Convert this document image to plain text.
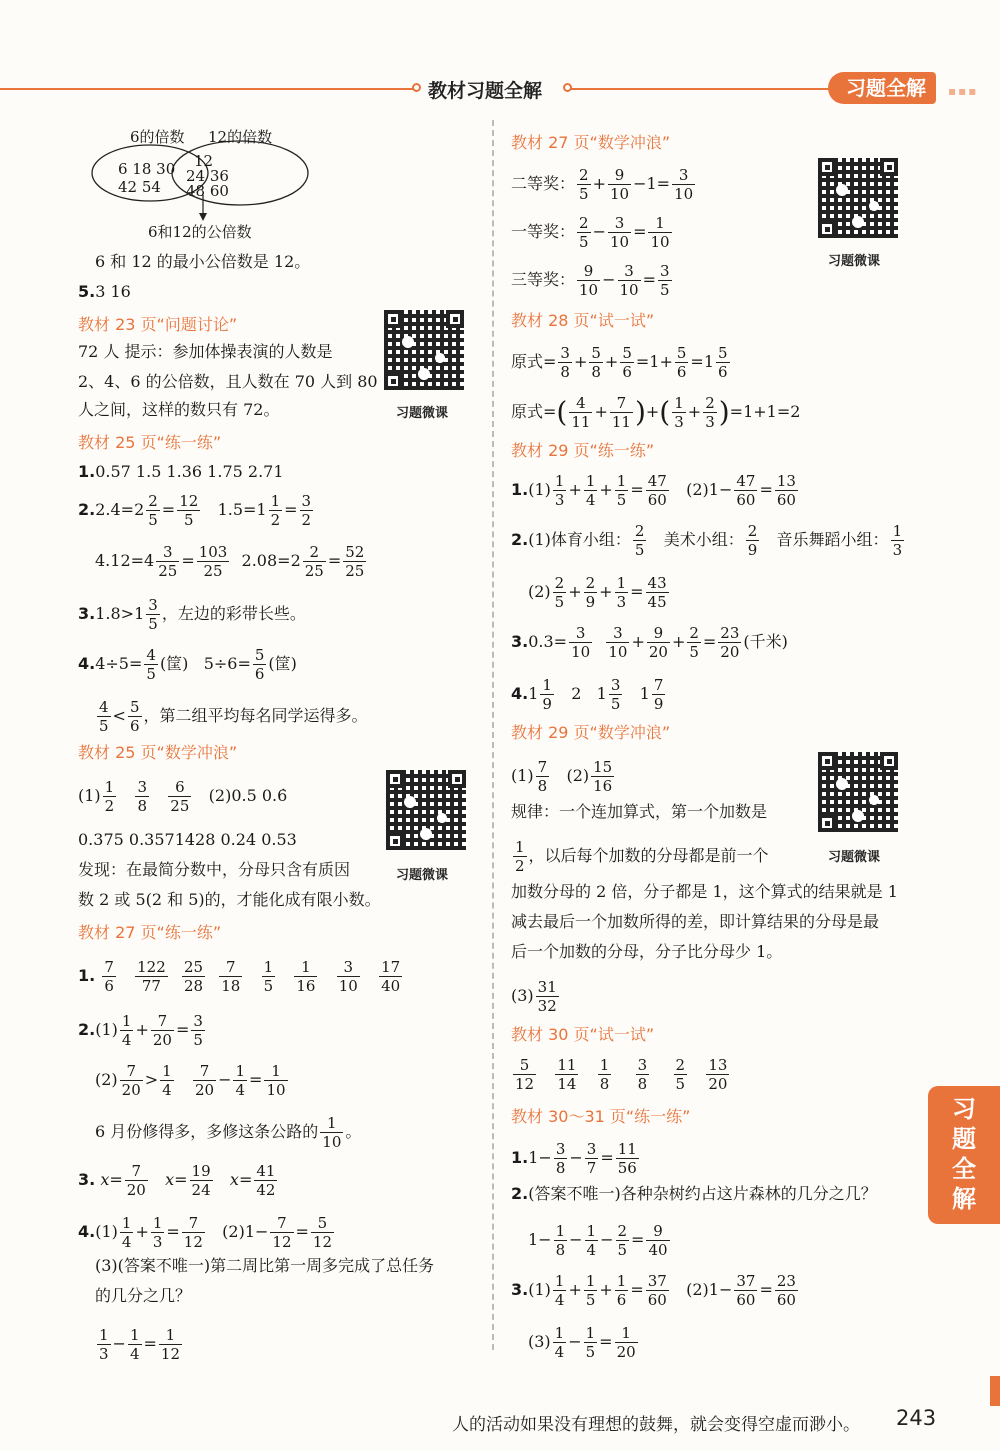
教材习题全解	习题全解	▪▪▪
6的倍数 12的倍数
6 18 30
42 54
12
24 36
48 60
6和12的公倍数
6 和 12 的最小公倍数是 12。
5.3 16
教材 23 页“问题讨论”
72 人 提示：参加体操表演的人数是
2、4、6 的公倍数，且人数在 70 人到 80
人之间，这样的数只有 72。	习题微课
教材 25 页“练一练”
1.0.57 1.5 1.36 1.75 2.71
$2.2.4=2 \frac{2}{5} = \frac{12}{5} 1.5=1 \frac{1}{2} = \frac{3}{2}$
$4.12=4 \frac{3}{25} = \frac{103}{25} 2.08=2 \frac{2}{25} = \frac{52}{25}$
$3.1.8>1 \frac{3}{5}$ ，左边的彩带长些。
$4.4\div 5= \frac{4}{5}$ (筐) $5\div 6= \frac{5}{6}$ (筐)
$\frac{4}{5} < \frac{5}{6}$ ，第二组平均每名同学运得多。
教材 25 页“数学冲浪”
$(1) \frac{1}{2}$
$\frac{3}{8}$
$\frac{6}{25} (2)0.5$ 0.6̇
习题微课
0.375 0.3571428 0.24 0.53
发现：在最简分数中，分母只含有质因
数 2 或 5(2 和 5)的，才能化成有限小数。
教材 27 页“练一练”
1. $\frac{7}{6}$
$\frac{122}{77}$
$\frac{25}{28}$
$\frac{7}{18}$
$\frac{1}{5}$
$\frac{1}{16}$
$\frac{3}{10}$
$\frac{17}{40}$
$2.(1) \frac{1}{4} + \frac{7}{20} = \frac{3}{5}$
$(2) \frac{7}{20} > \frac{1}{4}$
$\frac{7}{20} - \frac{1}{4} = \frac{1}{10}$
6 月份修得多，多修这条公路的 $\frac{1}{10}$ 。
3. $x= \frac{7}{20} x= \frac{19}{24} x= \frac{41}{42}$
$4.(1) \frac{1}{4} + \frac{1}{3} = \frac{7}{12} (2)1- \frac{7}{12} = \frac{5}{12}$
(3)(答案不唯一)第二周比第一周多完成了总任务
的几分之几？
$\frac{1}{3} - \frac{1}{4} = \frac{1}{12}$
教材 27 页“数学冲浪”
二等奖： $\frac{2}{5} + \frac{9}{10} -1= \frac{3}{10}$
一等奖： $\frac{2}{5} - \frac{3}{10} = \frac{1}{10}$
三等奖： $\frac{9}{10} - \frac{3}{10} = \frac{3}{5}$
习题微课
教材 28 页“试一试”
原式= $\frac{3}{8} + \frac{5}{8} + \frac{5}{6} =1+ \frac{5}{6} =1 \frac{5}{6}$
原式=( $\frac{4}{11} + \frac{7}{11}$ )+( $\frac{1}{3} + \frac{2}{3} )=1+1=2$
教材 29 页“练一练”
$1.(1) \frac{1}{3} + \frac{1}{4} + \frac{1}{5} = \frac{47}{60} (2)1- \frac{47}{60} = \frac{13}{60}$
2.(1)体育小组： $\frac{2}{5}$ 美术小组： $\frac{2}{9}$ 音乐舞蹈小组： $\frac{1}{3}$
$(2) \frac{2}{5} + \frac{2}{9} + \frac{1}{3} = \frac{43}{45}$
$3.0.3= \frac{3}{10}$
$\frac{3}{10} + \frac{9}{20} + \frac{2}{5} = \frac{23}{20}$ (千米)
$4.1 \frac{1}{9} 2$   $1 \frac{3}{5} 1 \frac{7}{9}$
教材 29 页“数学冲浪”
$(1) \frac{7}{8} (2) \frac{15}{16}$
习题微课
规律：一个连加算式，第一个加数是
$\frac{1}{2}$ ，以后每个加数的分母都是前一个
加数分母的 2 倍，分子都是 1，这个算式的结果就是 1
减去最后一个加数所得的差，即计算结果的分母是最
后一个加数的分母，分子比分母少 1。
$(3) \frac{31}{32}$
教材 30 页“试一试”
$\frac{5}{12}$
$\frac{11}{14}$
$\frac{1}{8}$
$\frac{3}{8}$
$\frac{2}{5}$
$\frac{13}{20}$
教材 30～31 页“练一练”
$1.1- \frac{3}{8} - \frac{3}{7} = \frac{11}{56}$
2.(答案不唯一)各种杂树约占这片森林的几分之几？
$1- \frac{1}{8} - \frac{1}{4} - \frac{2}{5} = \frac{9}{40}$
$3.(1) \frac{1}{4} + \frac{1}{5} + \frac{1}{6} = \frac{37}{60} (2)1- \frac{37}{60} = \frac{23}{60}$
$(3) \frac{1}{4} - \frac{1}{5} = \frac{1}{20}$
习题全解
人的活动如果没有理想的鼓舞，就会变得空虚而渺小。 243
